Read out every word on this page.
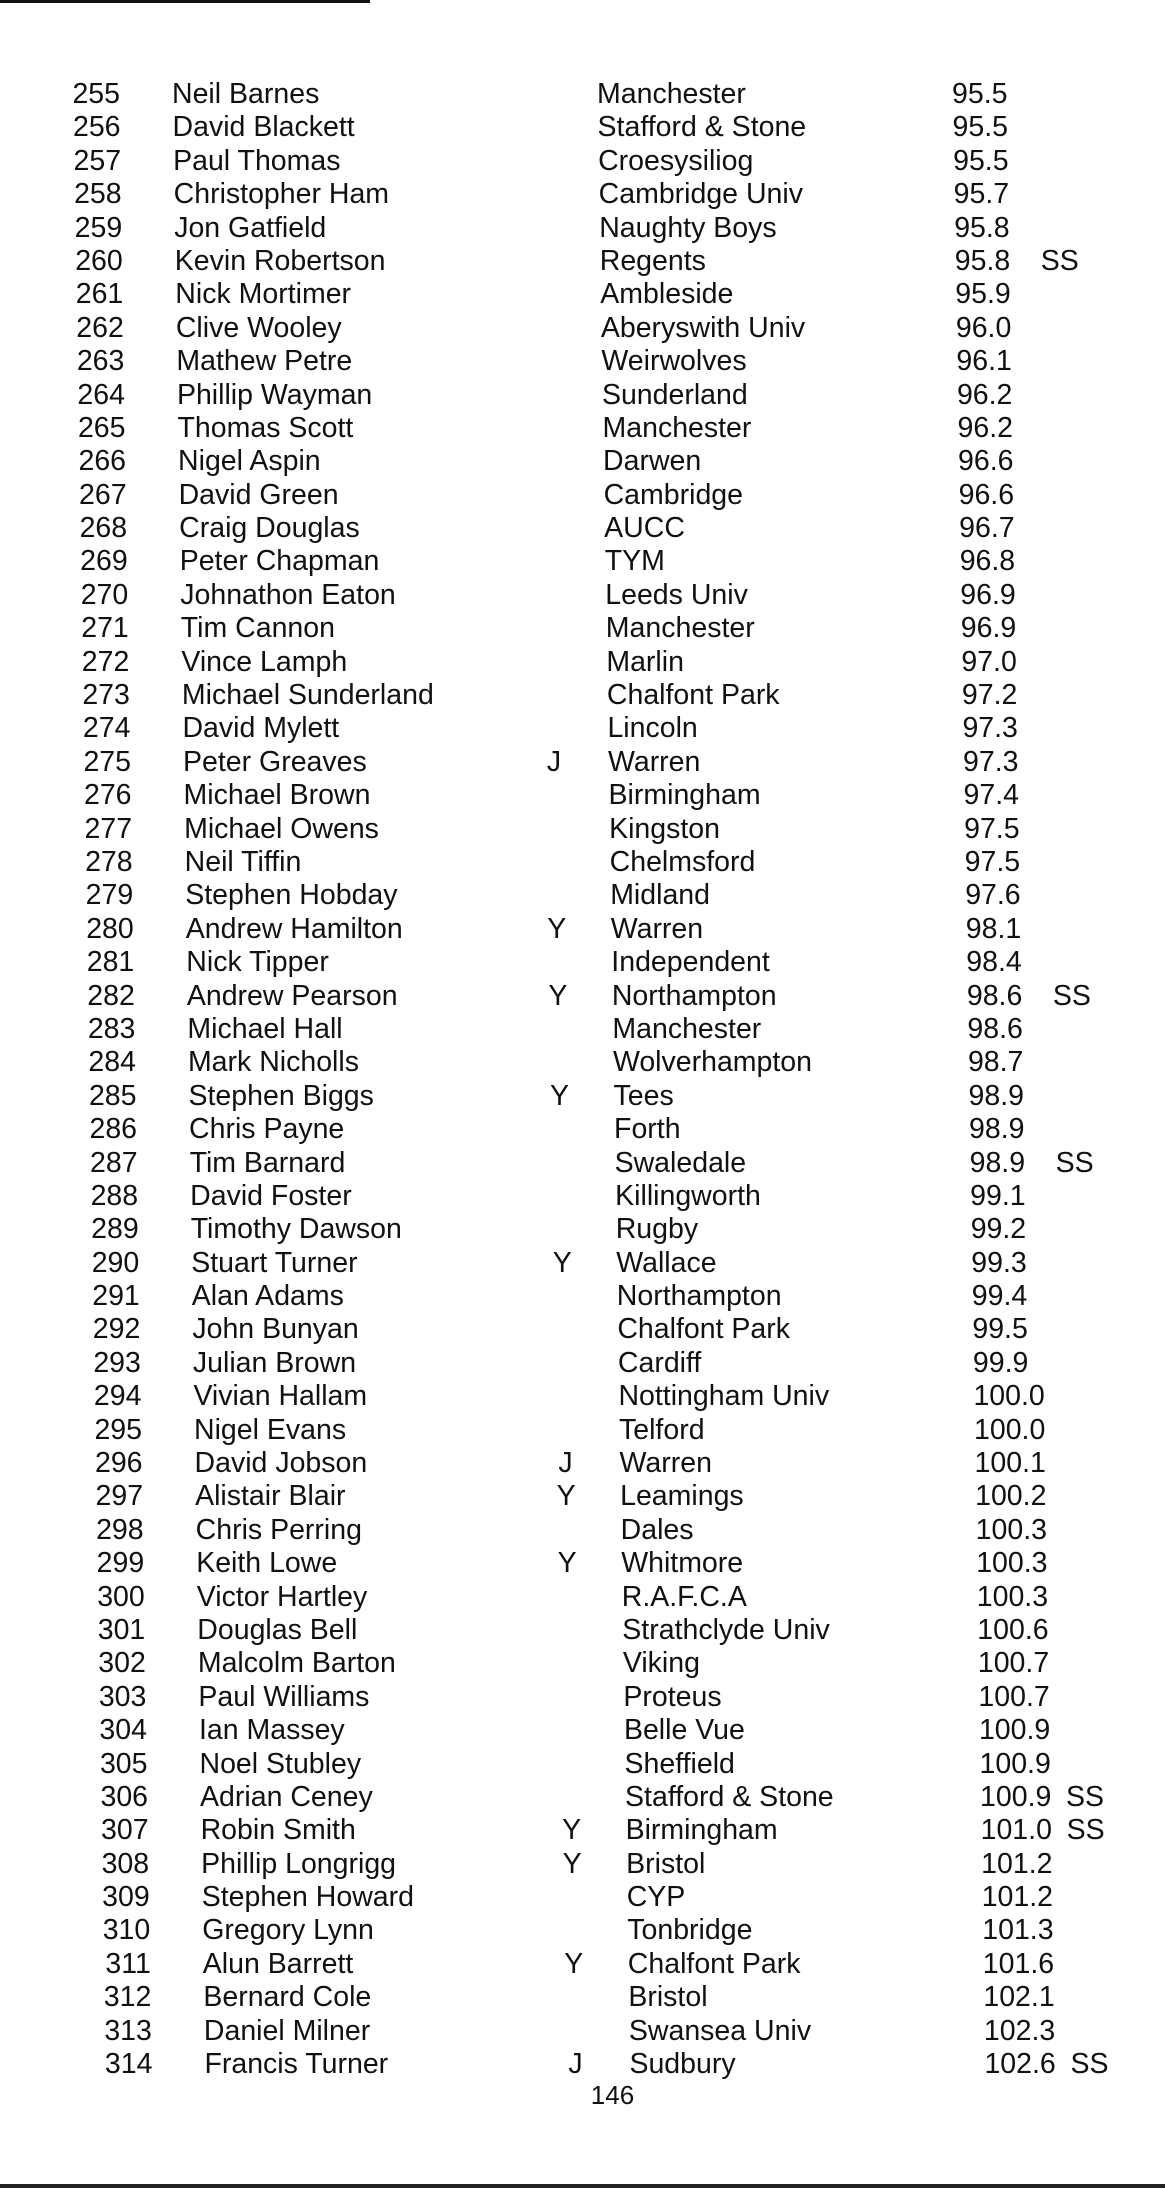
255 Neil Barnes	Manchester	95.5
256 David Blackett	Stafford & Stone	95.5
257 Paul Thomas	Croesysiliog	95.5
258 Christopher Ham	Cambridge Univ	95.7
259 Jon Gatfield	Naughty Boys	95.8
260 Kevin Robertson	Regents	95.8 SS
261 Nick Mortimer	Ambleside	95.9
262 Clive Wooley	Aberyswith Univ	96.0
263 Mathew Petre	Weirwolves	96.1
264 Phillip Wayman	Sunderland	96.2
265 Thomas Scott	Manchester	96.2
266 Nigel Aspin	Darwen	96.6
267 David Green	Cambridge	96.6
268 Craig Douglas	AUCC	96.7
269 Peter Chapman	TYM	96.8
270 Johnathon Eaton	Leeds Univ	96.9
271 Tim Cannon	Manchester	96.9
272 Vince Lamph	Marlin	97.0
273 Michael Sunderland	Chalfont Park	97.2
274 David Mylett	Lincoln	97.3
275 Peter Greaves	J Warren	97.3
276 Michael Brown	Birmingham	97.4
277 Michael Owens	Kingston	97.5
278 Neil Tiffin	Chelmsford	97.5
279 Stephen Hobday	Midland	97.6
280 Andrew Hamilton	Y Warren	98.1
281 Nick Tipper	Independent	98.4
282 Andrew Pearson	Y Northampton	98.6 SS
283 Michael Hall	Manchester	98.6
284 Mark Nicholls	Wolverhampton	98.7
285 Stephen Biggs	Y Tees	98.9
286 Chris Payne	Forth	98.9
287 Tim Barnard	Swaledale	98.9 SS
288 David Foster	Killingworth	99.1
289 Timothy Dawson	Rugby	99.2
290 Stuart Turner	Y Wallace	99.3
291 Alan Adams	Northampton	99.4
292 John Bunyan	Chalfont Park	99.5
293 Julian Brown	Cardiff	99.9
294 Vivian Hallam	Nottingham Univ	100.0
295 Nigel Evans	Telford	100.0
296 David Jobson	J Warren	100.1
297 Alistair Blair	Y Leamings	100.2
298 Chris Perring	Dales	100.3
299 Keith Lowe	Y Whitmore	100.3
300 Victor Hartley	R.A.F.C.A	100.3
301 Douglas Bell	Strathclyde Univ	100.6
302 Malcolm Barton	Viking	100.7
303 Paul Williams	Proteus	100.7
304 Ian Massey	Belle Vue	100.9
305 Noel Stubley	Sheffield	100.9
306 Adrian Ceney	Stafford & Stone	100.9 SS
307 Robin Smith	Y Birmingham	101.0 SS
308 Phillip Longrigg	Y Bristol	101.2
309 Stephen Howard	CYP	101.2
310 Gregory Lynn	Tonbridge	101.3
311 Alun Barrett	Y Chalfont Park	101.6
312 Bernard Cole	Bristol	102.1
313 Daniel Milner	Swansea Univ	102.3
314 Francis Turner	J Sudbury	102.6 SS
146
